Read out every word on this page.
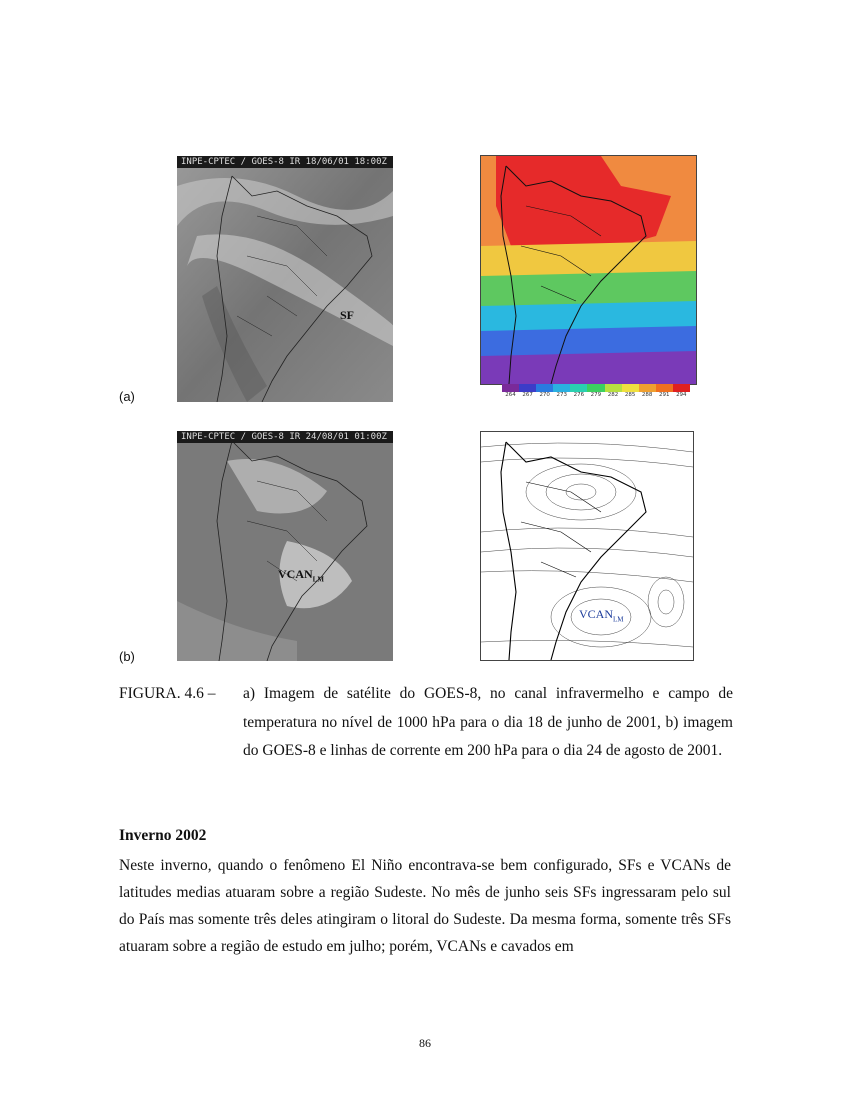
(a)
(b)
INPE-CPTEC / GOES-8 IR 18/06/01 18:00Z
SF
264 267 270 273 276 279 282 285 288 291 294
INPE-CPTEC / GOES-8 IR 24/08/01 01:00Z
$VCAN_{LM}$
$VCAN_{LM}$
FIGURA. 4.6 – a) Imagem de satélite do GOES-8, no canal infravermelho e campo de temperatura no nível de 1000 hPa para o dia 18 de junho de 2001, b) imagem do GOES-8 e linhas de corrente em 200 hPa para o dia 24 de agosto de 2001.
Inverno 2002
Neste inverno, quando o fenômeno El Niño encontrava-se bem configurado, SFs e VCANs de latitudes medias atuaram sobre a região Sudeste. No mês de junho seis SFs ingressaram pelo sul do País mas somente três deles atingiram o litoral do Sudeste. Da mesma forma, somente três SFs atuaram sobre a região de estudo em julho; porém, VCANs e cavados em
86
